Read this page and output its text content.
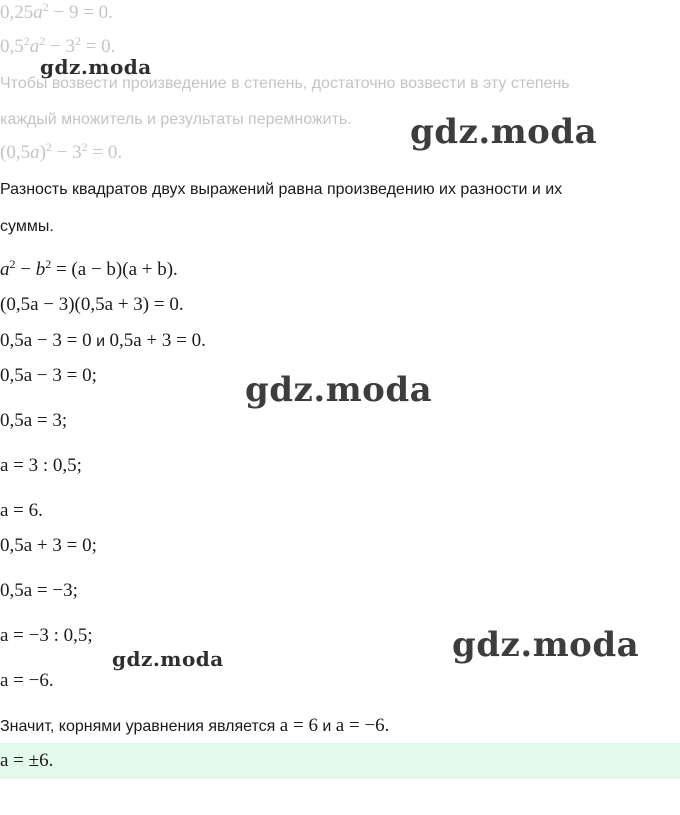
$0,25a^2 - 9 = 0$.
$0,5^2a^2 - 3^2 = 0$.
gdz.moda
Чтобы возвести произведение в степень, достаточно возвести в эту степень
каждый множитель и результаты перемножить. gdz.moda
$(0,5a)^2 - 3^2 = 0$.
Разность квадратов двух выражений равна произведению их разности и их
суммы.
$a^2 - b^2 = (a - b)(a + b)$.
(0,5a − 3)(0,5a + 3) = 0.
0,5a − 3 = 0 и 0,5a + 3 = 0.
0,5a − 3 = 0;	gdz.moda
0,5a = 3;
a = 3 : 0,5;
a = 6.
0,5a + 3 = 0;
0,5a = −3;
a = −3 : 0,5;	gdz.moda
gdz.moda
a = −6.
Значит, корнями уравнения является a = 6 и a = −6.
a = ±6.
